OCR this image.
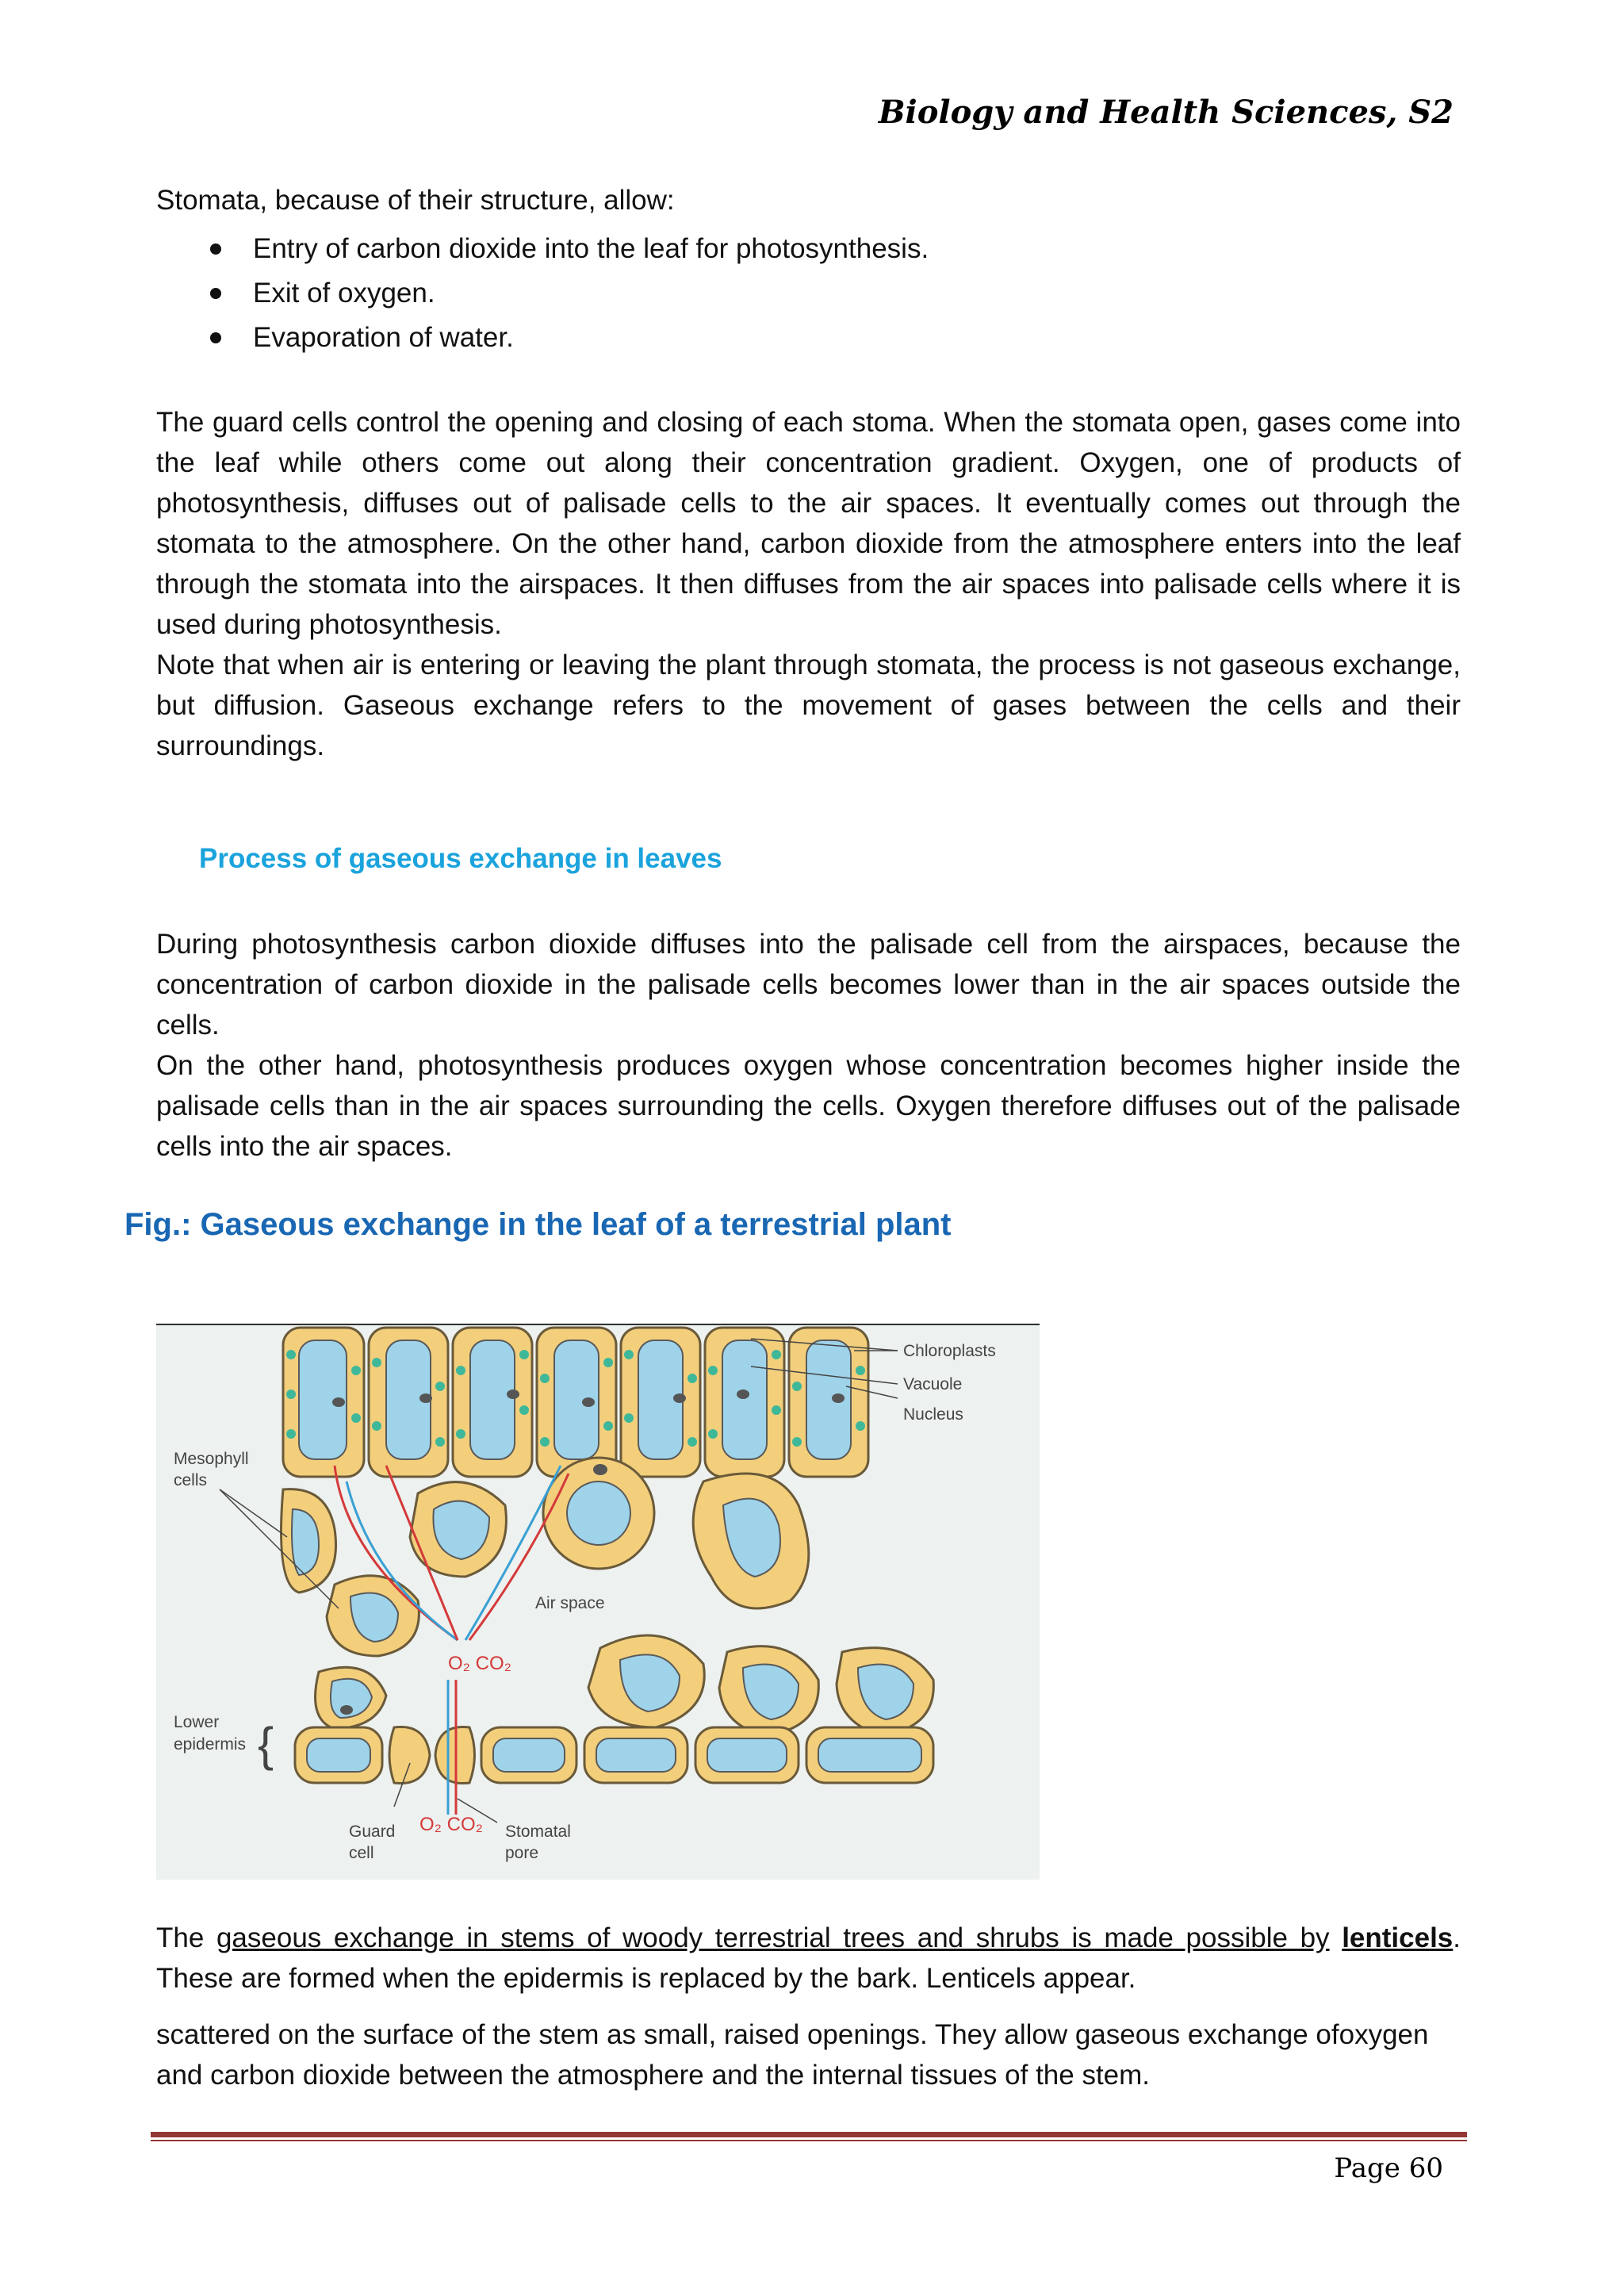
Biology and Health Sciences, S2
Stomata, because of their structure, allow:
Entry of carbon dioxide into the leaf for photosynthesis.
Exit of oxygen.
Evaporation of water.
The guard cells control the opening and closing of each stoma. When the stomata open, gases come into the leaf while others come out along their concentration gradient. Oxygen, one of products of photosynthesis, diffuses out of palisade cells to the air spaces. It eventually comes out through the stomata to the atmosphere. On the other hand, carbon dioxide from the atmosphere enters into the leaf through the stomata into the airspaces. It then diffuses from the air spaces into palisade cells where it is used during photosynthesis.
Note that when air is entering or leaving the plant through stomata, the process is not gaseous exchange, but diffusion. Gaseous exchange refers to the movement of gases between the cells and their surroundings.
Process of gaseous exchange in leaves
During photosynthesis carbon dioxide diffuses into the palisade cell from the airspaces, because the concentration of carbon dioxide in the palisade cells becomes lower than in the air spaces outside the cells.
On the other hand, photosynthesis produces oxygen whose concentration becomes higher inside the palisade cells than in the air spaces surrounding the cells. Oxygen therefore diffuses out of the palisade cells into the air spaces.
Fig.: Gaseous exchange in the leaf of a terrestrial plant
Chloroplasts
Vacuole
Nucleus
Mesophyll
cells
Air space
Lower
epidermis {
Guard
cell
Stomatal
pore
O₂ CO₂
O₂ CO₂
The gaseous exchange in stems of woody terrestrial trees and shrubs is made possible by lenticels. These are formed when the epidermis is replaced by the bark. Lenticels appear.
scattered on the surface of the stem as small, raised openings. They allow gaseous exchange ofoxygen and carbon dioxide between the atmosphere and the internal tissues of the stem.
Page 60
